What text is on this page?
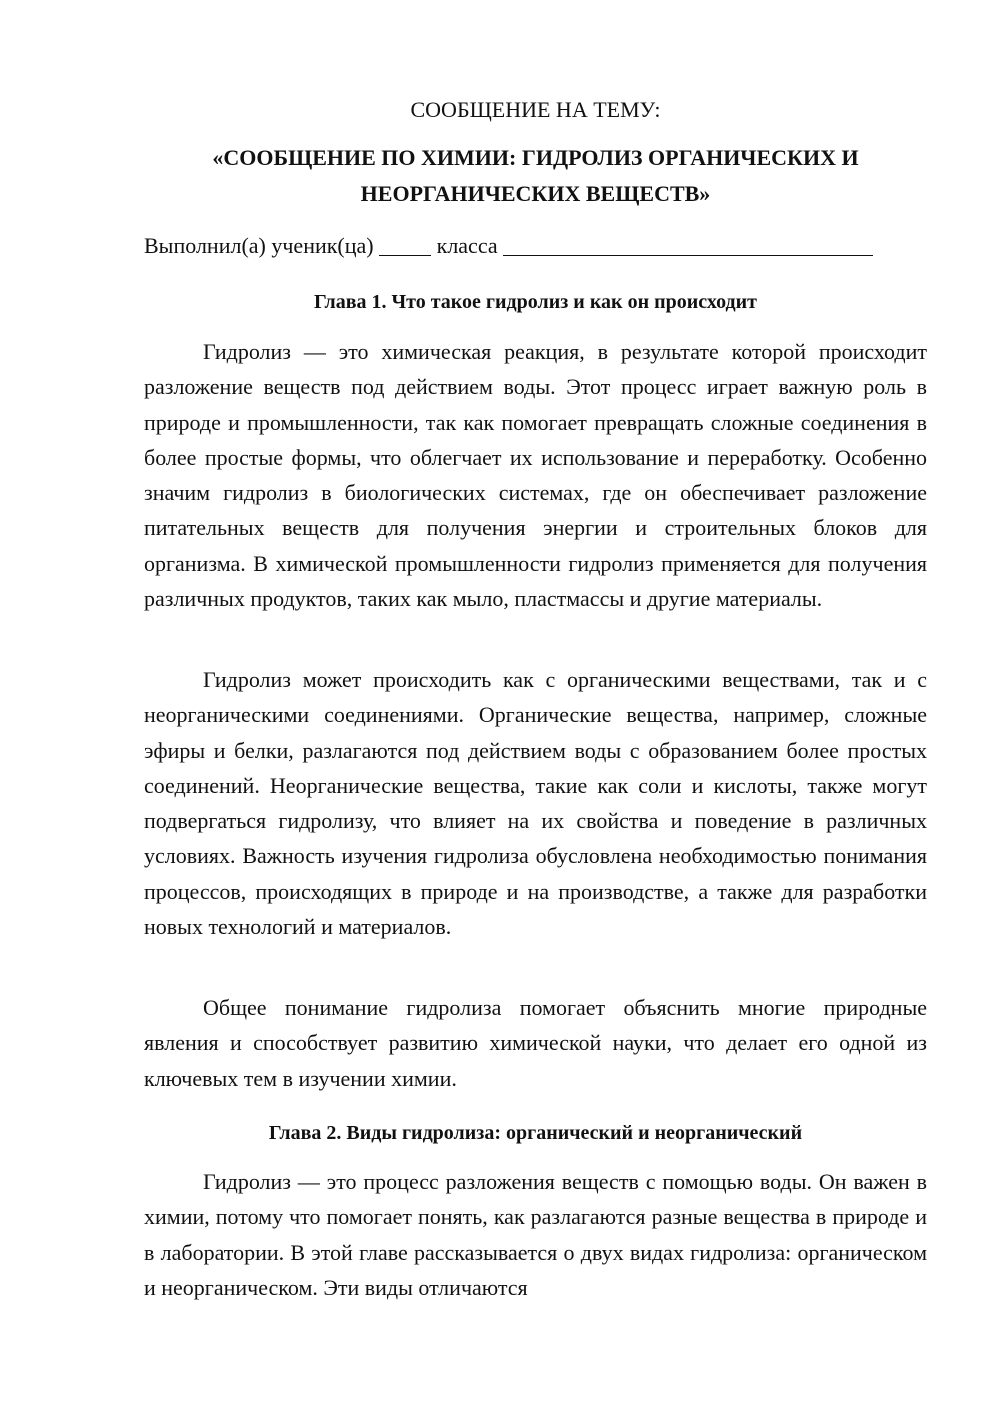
СООБЩЕНИЕ НА ТЕМУ:

«СООБЩЕНИЕ ПО ХИМИИ: ГИДРОЛИЗ ОРГАНИЧЕСКИХ И НЕОРГАНИЧЕСКИХ ВЕЩЕСТВ»

Выполнил(а) ученик(ца)	класса

Глава 1. Что такое гидролиз и как он происходит

Гидролиз — это химическая реакция, в результате которой происходит разложение веществ под действием воды. Этот процесс играет важную роль в природе и промышленности, так как помогает превращать сложные соединения в более простые формы, что облегчает их использование и переработку. Особенно значим гидролиз в биологических системах, где он обеспечивает разложение питательных веществ для получения энергии и строительных блоков для организма. В химической промышленности гидролиз применяется для получения различных продуктов, таких как мыло, пластмассы и другие материалы.

Гидролиз может происходить как с органическими веществами, так и с неорганическими соединениями. Органические вещества, например, сложные эфиры и белки, разлагаются под действием воды с образованием более простых соединений. Неорганические вещества, такие как соли и кислоты, также могут подвергаться гидролизу, что влияет на их свойства и поведение в различных условиях. Важность изучения гидролиза обусловлена необходимостью понимания процессов, происходящих в природе и на производстве, а также для разработки новых технологий и материалов.

Общее понимание гидролиза помогает объяснить многие природные явления и способствует развитию химической науки, что делает его одной из ключевых тем в изучении химии.

Глава 2. Виды гидролиза: органический и неорганический

Гидролиз — это процесс разложения веществ с помощью воды. Он важен в химии, потому что помогает понять, как разлагаются разные вещества в природе и в лаборатории. В этой главе рассказывается о двух видах гидролиза: органическом и неорганическом. Эти виды отличаются
